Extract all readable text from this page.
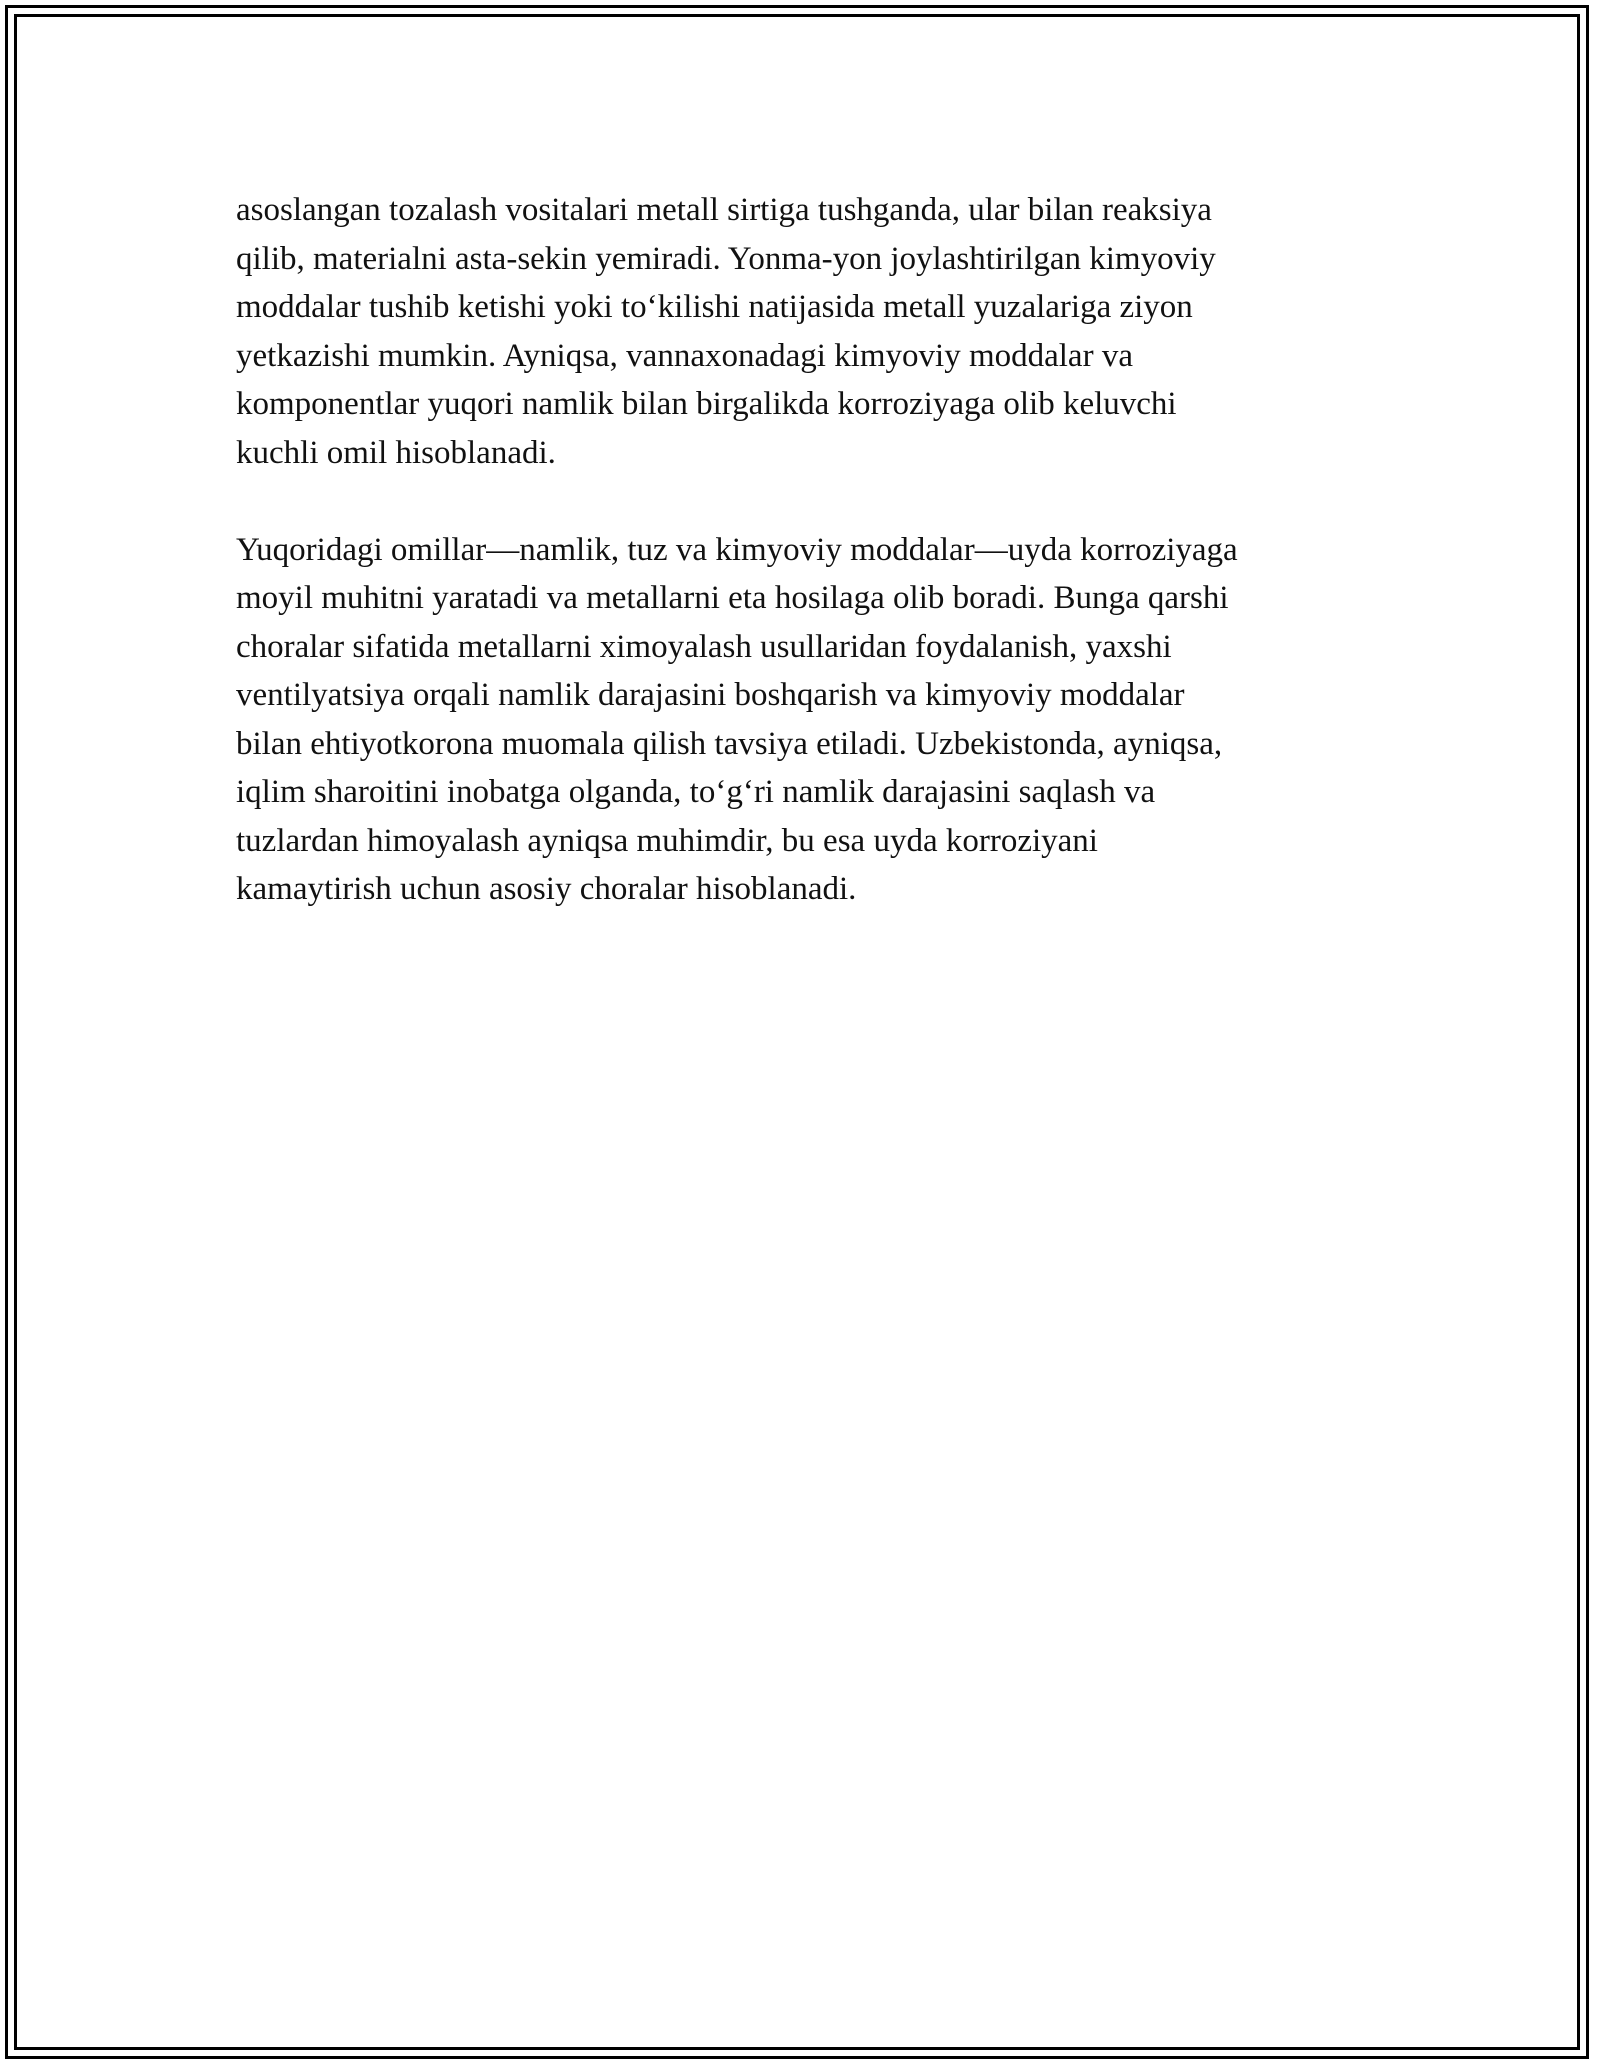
asoslangan tozalash vositalari metall sirtiga tushganda, ular bilan reaksiya
qilib, materialni asta-sekin yemiradi. Yonma-yon joylashtirilgan kimyoviy
moddalar tushib ketishi yoki to‘kilishi natijasida metall yuzalariga ziyon
yetkazishi mumkin. Ayniqsa, vannaxonadagi kimyoviy moddalar va
komponentlar yuqori namlik bilan birgalikda korroziyaga olib keluvchi
kuchli omil hisoblanadi.

Yuqoridagi omillar—namlik, tuz va kimyoviy moddalar—uyda korroziyaga
moyil muhitni yaratadi va metallarni eta hosilaga olib boradi. Bunga qarshi
choralar sifatida metallarni ximoyalash usullaridan foydalanish, yaxshi
ventilyatsiya orqali namlik darajasini boshqarish va kimyoviy moddalar
bilan ehtiyotkorona muomala qilish tavsiya etiladi. Uzbekistonda, ayniqsa,
iqlim sharoitini inobatga olganda, to‘g‘ri namlik darajasini saqlash va
tuzlardan himoyalash ayniqsa muhimdir, bu esa uyda korroziyani
kamaytirish uchun asosiy choralar hisoblanadi.
